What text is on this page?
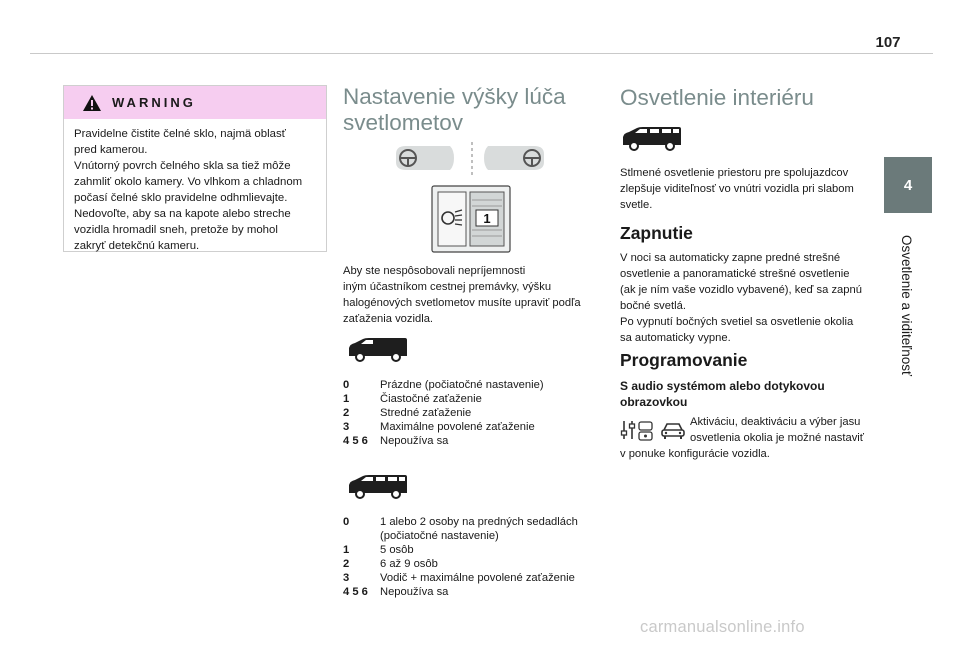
107
4
Osvetlenie a viditeľnosť
WARNING
Pravidelne čistite čelné sklo, najmä oblasť
pred kamerou.
Vnútorný povrch čelného skla sa tiež môže
zahmliť okolo kamery. Vo vlhkom a chladnom
počasí čelné sklo pravidelne odhmlievajte.
Nedovoľte, aby sa na kapote alebo streche
vozidla hromadil sneh, pretože by mohol
zakryť detekčnú kameru.
Nastavenie výšky lúča
svetlometov
1
Aby ste nespôsobovali nepríjemnosti
iným účastníkom cestnej premávky, výšku
halogénových svetlometov musíte upraviť podľa
zaťaženia vozidla.
0	Prázdne (počiatočné nastavenie)
1	Čiastočné zaťaženie
2	Stredné zaťaženie
3	Maximálne povolené zaťaženie
4 5 6	Nepoužíva sa
0	1 alebo 2 osoby na predných sedadlách
(počiatočné nastavenie)
1	5 osôb
2	6 až 9 osôb
3	Vodič + maximálne povolené zaťaženie
4 5 6	Nepoužíva sa
Osvetlenie interiéru
Stlmené osvetlenie priestoru pre spolujazdcov
zlepšuje viditeľnosť vo vnútri vozidla pri slabom
svetle.
Zapnutie
V noci sa automaticky zapne predné strešné
osvetlenie a panoramatické strešné osvetlenie
(ak je ním vaše vozidlo vybavené), keď sa zapnú
bočné svetlá.
Po vypnutí bočných svetiel sa osvetlenie okolia
sa automaticky vypne.
Programovanie
S audio systémom alebo dotykovou
obrazovkou
Aktiváciu, deaktiváciu a výber jasu
osvetlenia okolia je možné nastaviť
v ponuke konfigurácie vozidla.
carmanualsonline.info
